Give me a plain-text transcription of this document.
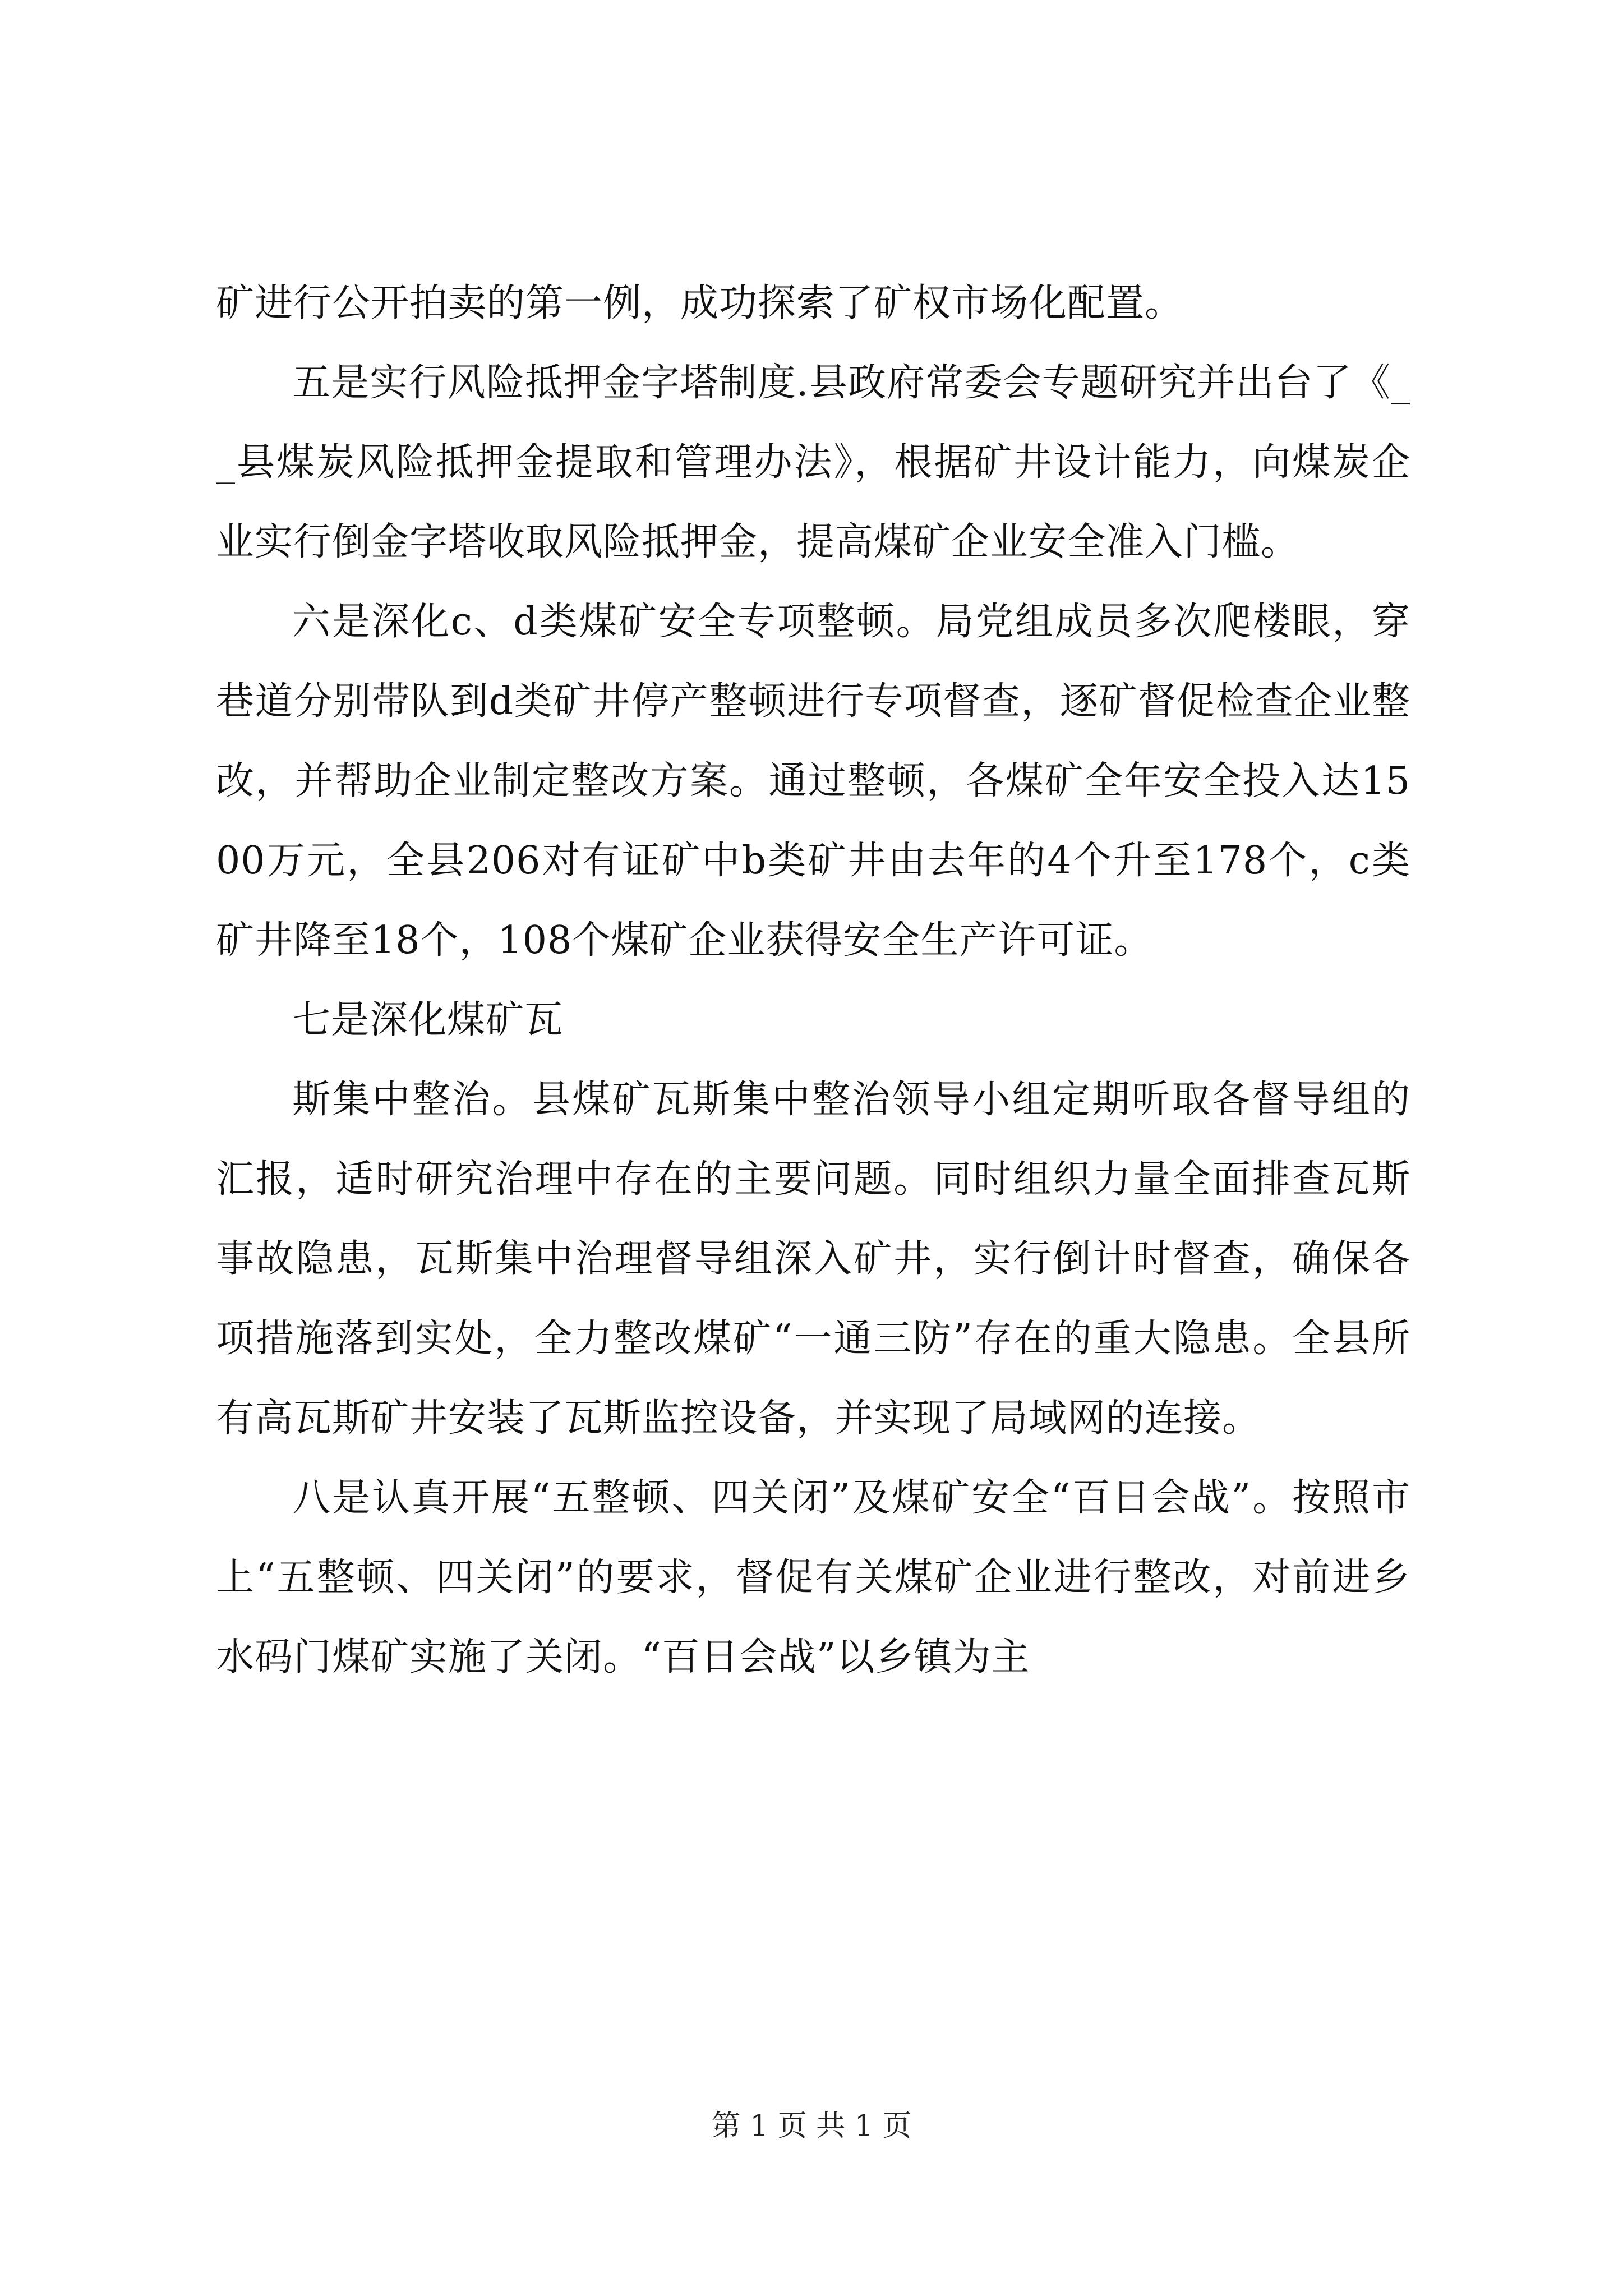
矿进行公开拍卖的第一例，成功探索了矿权市场化配置。

五是实行风险抵押金字塔制度.县政府常委会专题研究并出台了《__县煤炭风险抵押金提取和管理办法》，根据矿井设计能力，向煤炭企业实行倒金字塔收取风险抵押金，提高煤矿企业安全准入门槛。

六是深化c、d类煤矿安全专项整顿。局党组成员多次爬楼眼，穿巷道分别带队到d类矿井停产整顿进行专项督查，逐矿督促检查企业整改，并帮助企业制定整改方案。通过整顿，各煤矿全年安全投入达1500万元，全县206对有证矿中b类矿井由去年的4个升至178个，c类矿井降至18个，108个煤矿企业获得安全生产许可证。

七是深化煤矿瓦

斯集中整治。县煤矿瓦斯集中整治领导小组定期听取各督导组的汇报，适时研究治理中存在的主要问题。同时组织力量全面排查瓦斯事故隐患，瓦斯集中治理督导组深入矿井，实行倒计时督查，确保各项措施落到实处，全力整改煤矿“一通三防”存在的重大隐患。全县所有高瓦斯矿井安装了瓦斯监控设备，并实现了局域网的连接。

八是认真开展“五整顿、四关闭”及煤矿安全“百日会战”。按照市上“五整顿、四关闭”的要求，督促有关煤矿企业进行整改，对前进乡水码门煤矿实施了关闭。“百日会战”以乡镇为主

第 1 页 共 1 页
